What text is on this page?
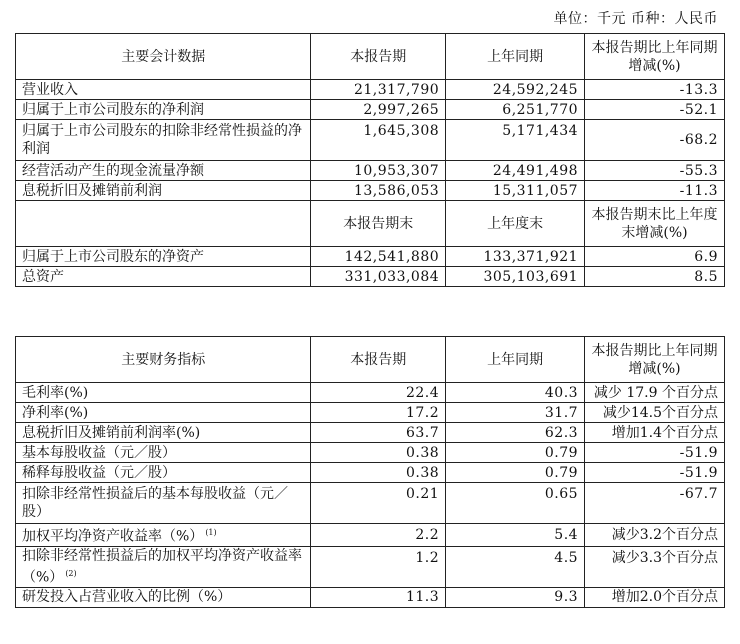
单位：千元 币种：人民币
主要会计数据	本报告期	上年同期	本报告期比上年同期增减(%)
营业收入	21,317,790	24,592,245	-13.3
归属于上市公司股东的净利润	2,997,265	6,251,770	-52.1
归属于上市公司股东的扣除非经常性损益的净利润	1,645,308	5,171,434	-68.2
经营活动产生的现金流量净额	10,953,307	24,491,498	-55.3
息税折旧及摊销前利润	13,586,053	15,311,057	-11.3
	本报告期末	上年度末	本报告期末比上年度末增减(%)
归属于上市公司股东的净资产	142,541,880	133,371,921	6.9
总资产	331,033,084	305,103,691	8.5
主要财务指标	本报告期	上年同期	本报告期比上年同期增减(%)
毛利率(%)	22.4	40.3	减少 17.9 个百分点
净利率(%)	17.2	31.7	减少14.5个百分点
息税折旧及摊销前利润率(%)	63.7	62.3	增加1.4个百分点
基本每股收益（元／股）	0.38	0.79	-51.9
稀释每股收益（元／股）	0.38	0.79	-51.9
扣除非经常性损益后的基本每股收益（元／股）	0.21	0.65	-67.7
加权平均净资产收益率（%） $^{(1)}$	2.2	5.4	减少3.2个百分点
扣除非经常性损益后的加权平均净资产收益率（%） $^{(2)}$	1.2	4.5	减少3.3个百分点
研发投入占营业收入的比例（%）	11.3	9.3	增加2.0个百分点
